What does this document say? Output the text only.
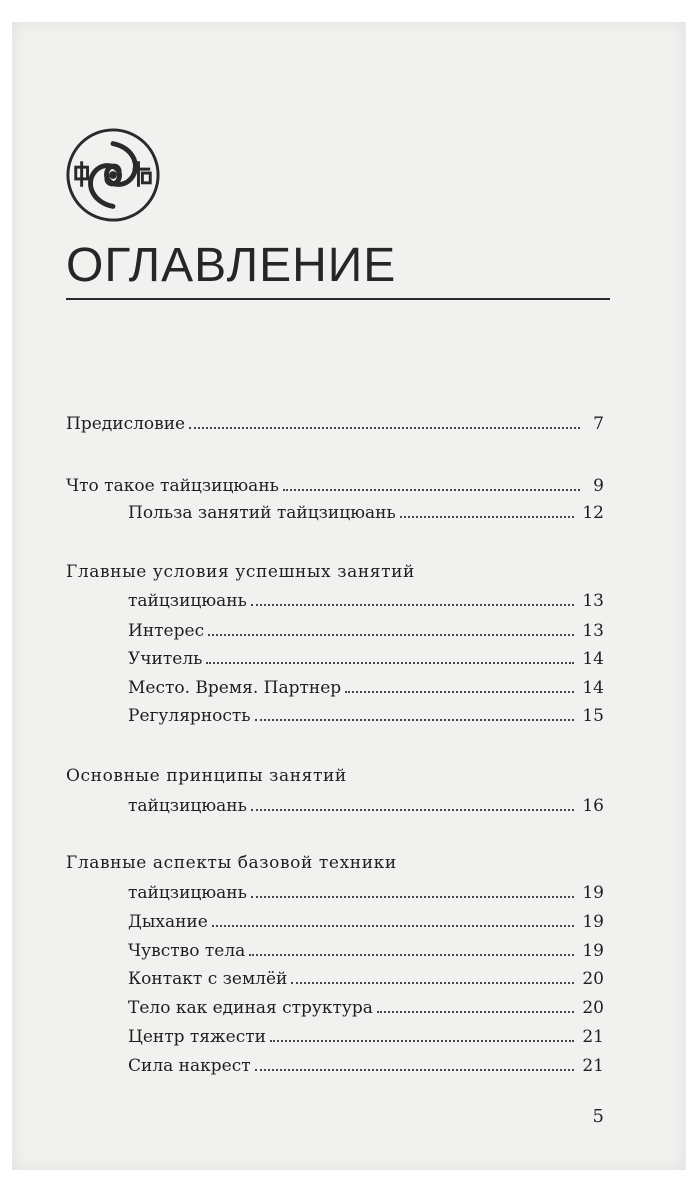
ОГЛАВЛЕНИЕ
Предисловие	7
Что такое тайцзицюань	9
Польза занятий тайцзицюань	12
Главные условия успешных занятий
тайцзицюань	13
Интерес	13
Учитель	14
Место. Время. Партнер	14
Регулярность	15
Основные принципы занятий
тайцзицюань	16
Главные аспекты базовой техники
тайцзицюань	19
Дыхание	19
Чувство тела	19
Контакт с землёй	20
Тело как единая структура	20
Центр тяжести	21
Сила накрест	21
5
